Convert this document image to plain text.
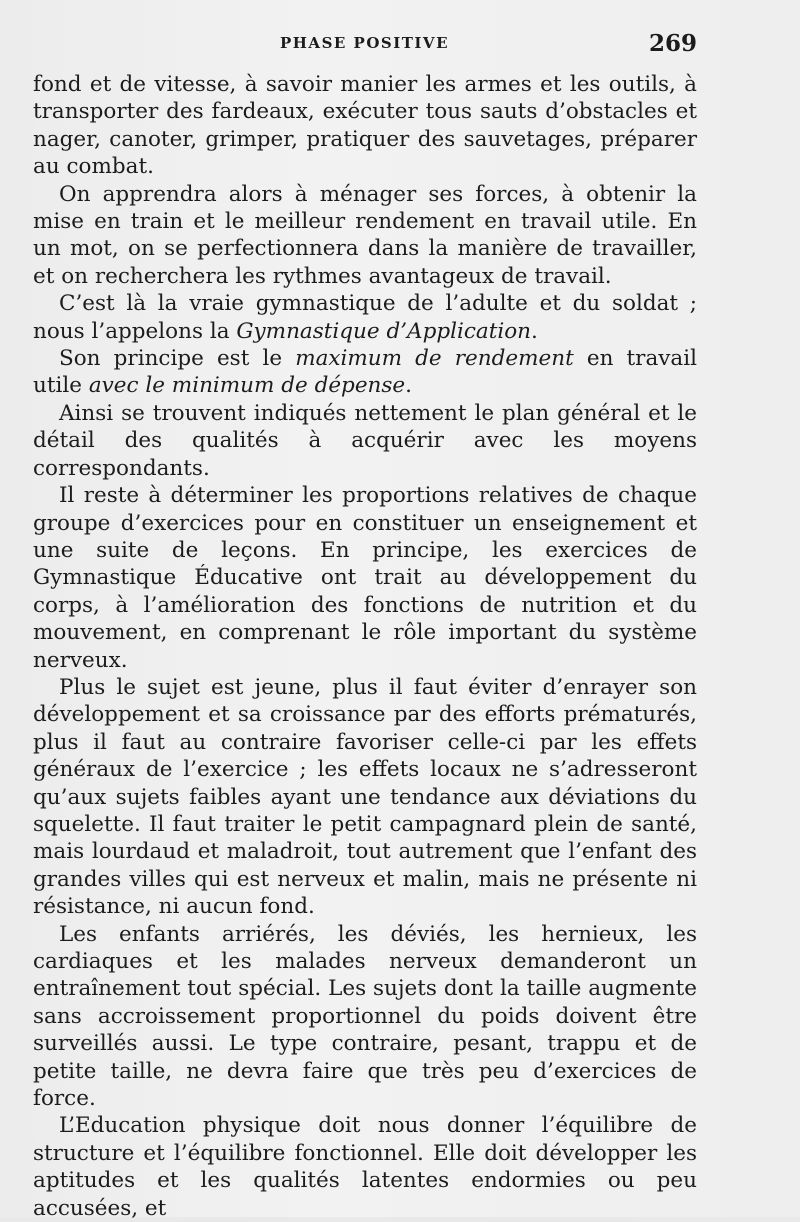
PHASE POSITIVE	269

fond et de vitesse, à savoir manier les armes et les outils, à transporter des fardeaux, exécuter tous sauts d’obstacles et nager, canoter, grimper, pratiquer des sauvetages, préparer au combat.

On apprendra alors à ménager ses forces, à obtenir la mise en train et le meilleur rendement en travail utile. En un mot, on se perfectionnera dans la manière de travailler, et on recherchera les rythmes avantageux de travail.

C’est là la vraie gymnastique de l’adulte et du soldat ; nous l’appelons la Gymnastique d’Application.

Son principe est le maximum de rendement en travail utile avec le minimum de dépense.

Ainsi se trouvent indiqués nettement le plan général et le détail des qualités à acquérir avec les moyens correspondants.

Il reste à déterminer les proportions relatives de chaque groupe d’exercices pour en constituer un enseignement et une suite de leçons. En principe, les exercices de Gymnastique Éducative ont trait au développement du corps, à l’amélioration des fonctions de nutrition et du mouvement, en comprenant le rôle important du système nerveux.

Plus le sujet est jeune, plus il faut éviter d’enrayer son développement et sa croissance par des efforts prématurés, plus il faut au contraire favoriser celle-ci par les effets généraux de l’exercice ; les effets locaux ne s’adresseront qu’aux sujets faibles ayant une tendance aux déviations du squelette. Il faut traiter le petit campagnard plein de santé, mais lourdaud et maladroit, tout autrement que l’enfant des grandes villes qui est nerveux et malin, mais ne présente ni résistance, ni aucun fond.

Les enfants arriérés, les déviés, les hernieux, les cardiaques et les malades nerveux demanderont un entraînement tout spécial. Les sujets dont la taille augmente sans accroissement proportionnel du poids doivent être surveillés aussi. Le type contraire, pesant, trappu et de petite taille, ne devra faire que très peu d’exercices de force.

L’Education physique doit nous donner l’équilibre de structure et l’équilibre fonctionnel. Elle doit développer les aptitudes et les qualités latentes endormies ou peu accusées, et
